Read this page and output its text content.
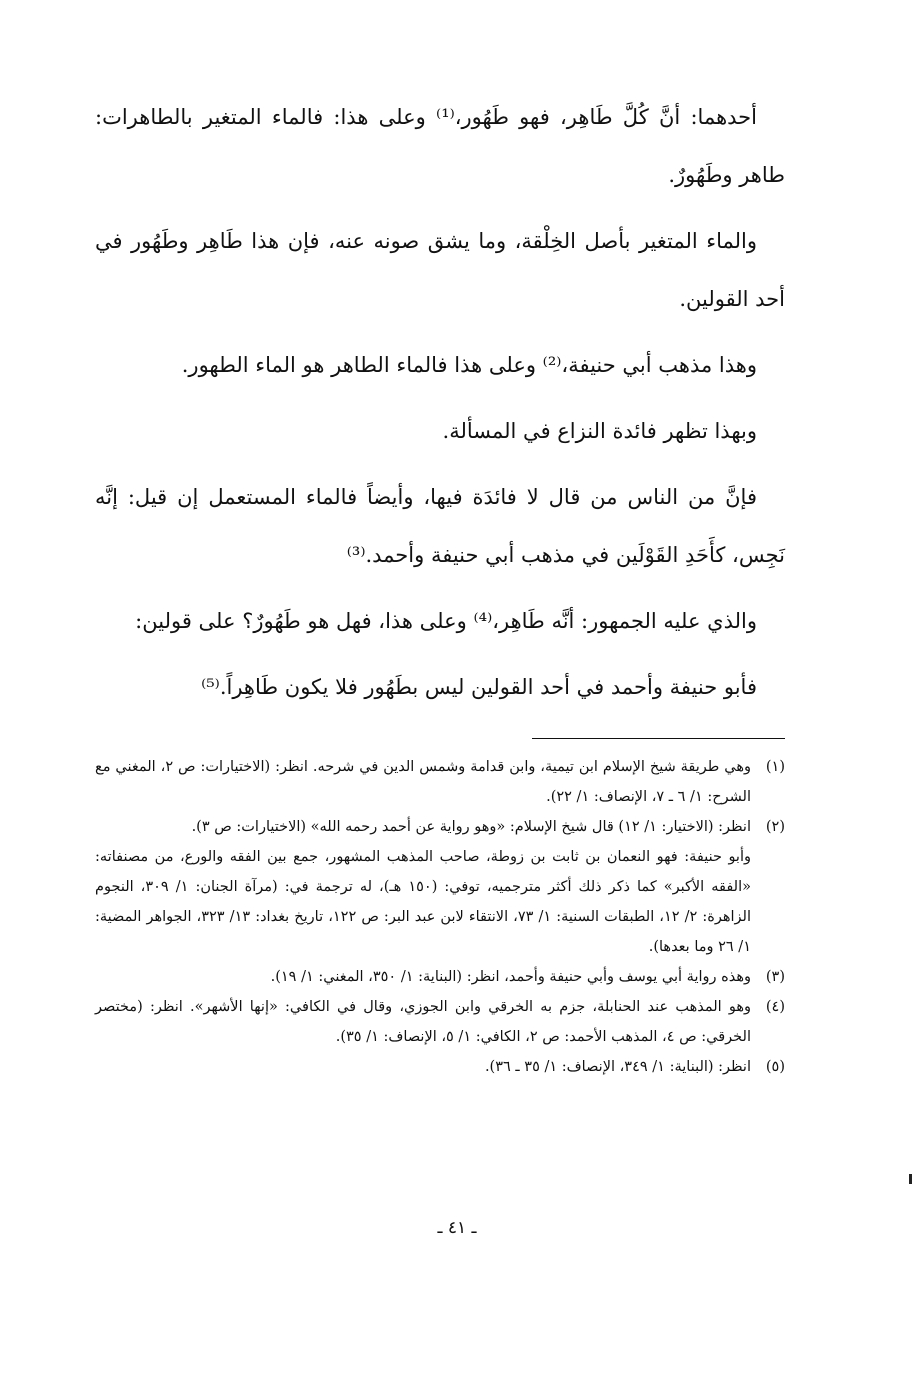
أحدهما: أنَّ كُلَّ طَاهِر، فهو طَهُور،⁽¹⁾ وعلى هذا: فالماء المتغير بالطاهرات: طاهر وطَهُورٌ.

والماء المتغير بأصل الخِلْقة، وما يشق صونه عنه، فإن هذا طَاهِر وطَهُور في أحد القولين.

وهذا مذهب أبي حنيفة،⁽²⁾ وعلى هذا فالماء الطاهر هو الماء الطهور.

وبهذا تظهر فائدة النزاع في المسألة.

فإنَّ من الناس من قال لا فائدَة فيها، وأيضاً فالماء المستعمل إن قيل: إنَّه نَجِس، كأَحَدِ القَوْلَين في مذهب أبي حنيفة وأحمد.⁽³⁾

والذي عليه الجمهور: أنَّه طَاهِر،⁽⁴⁾ وعلى هذا، فهل هو طَهُورٌ؟ على قولين:

فأبو حنيفة وأحمد في أحد القولين ليس بطَهُور فلا يكون طَاهِراً.⁽⁵⁾

(١)
وهي طريقة شيخ الإسلام ابن تيمية، وابن قدامة وشمس الدين في شرحه. انظر: (الاختيارات: ص ٢، المغني مع الشرح: ١/ ٦ ـ ٧، الإنصاف: ١/ ٢٢).

(٢)
انظر: (الاختيار: ١/ ١٢) قال شيخ الإسلام: «وهو رواية عن أحمد رحمه الله» (الاختيارات: ص ٣).

وأبو حنيفة: فهو النعمان بن ثابت بن زوطة، صاحب المذهب المشهور، جمع بين الفقه والورع، من مصنفاته: «الفقه الأكبر» كما ذكر ذلك أكثر مترجميه، توفي: (١٥٠ هـ)، له ترجمة في: (مرآة الجنان: ١/ ٣٠٩، النجوم الزاهرة: ٢/ ١٢، الطبقات السنية: ١/ ٧٣، الانتقاء لابن عبد البر: ص ١٢٢، تاريخ بغداد: ١٣/ ٣٢٣، الجواهر المضية: ١/ ٢٦ وما بعدها).

(٣)
وهذه رواية أبي يوسف وأبي حنيفة وأحمد، انظر: (البناية: ١/ ٣٥٠، المغني: ١/ ١٩).

(٤)
وهو المذهب عند الحنابلة، جزم به الخرقي وابن الجوزي، وقال في الكافي: «إنها الأشهر». انظر: (مختصر الخرقي: ص ٤، المذهب الأحمد: ص ٢، الكافي: ١/ ٥، الإنصاف: ١/ ٣٥).

(٥)
انظر: (البناية: ١/ ٣٤٩، الإنصاف: ١/ ٣٥ ـ ٣٦).

ـ ٤١ ـ
